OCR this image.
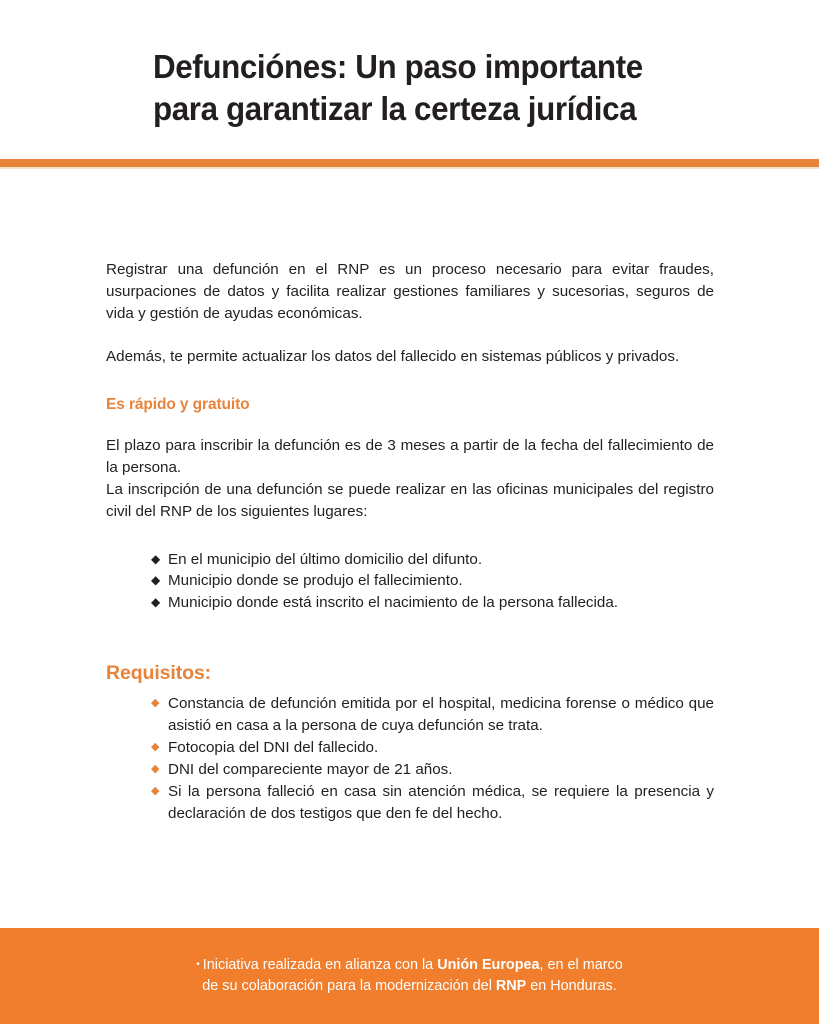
Defunciónes: Un paso importante
para garantizar la certeza jurídica

Registrar una defunción en el RNP es un proceso necesario para evitar fraudes, usurpaciones de datos y facilita realizar gestiones familiares y sucesorias, seguros de vida y gestión de ayudas económicas.

Además, te permite actualizar los datos del fallecido en sistemas públicos y privados.

Es rápido y gratuito
El plazo para inscribir la defunción es de 3 meses a partir de la fecha del fallecimiento de la persona.
La inscripción de una defunción se puede realizar en las oficinas municipales del registro civil del RNP de los siguientes lugares:
◆ En el municipio del último domicilio del difunto.
◆ Municipio donde se produjo el fallecimiento.
◆ Municipio donde está inscrito el nacimiento de la persona fallecida.
Requisitos:
◆ Constancia de defunción emitida por el hospital, medicina forense o médico que asistió en casa a la persona de cuya defunción se trata.
◆ Fotocopia del DNI del fallecido.
◆ DNI del compareciente mayor de 21 años.
◆ Si la persona falleció en casa sin atención médica, se requiere la presencia y declaración de dos testigos que den fe del hecho.
• Iniciativa realizada en alianza con la Unión Europea, en el marco
de su colaboración para la modernización del RNP en Honduras.
